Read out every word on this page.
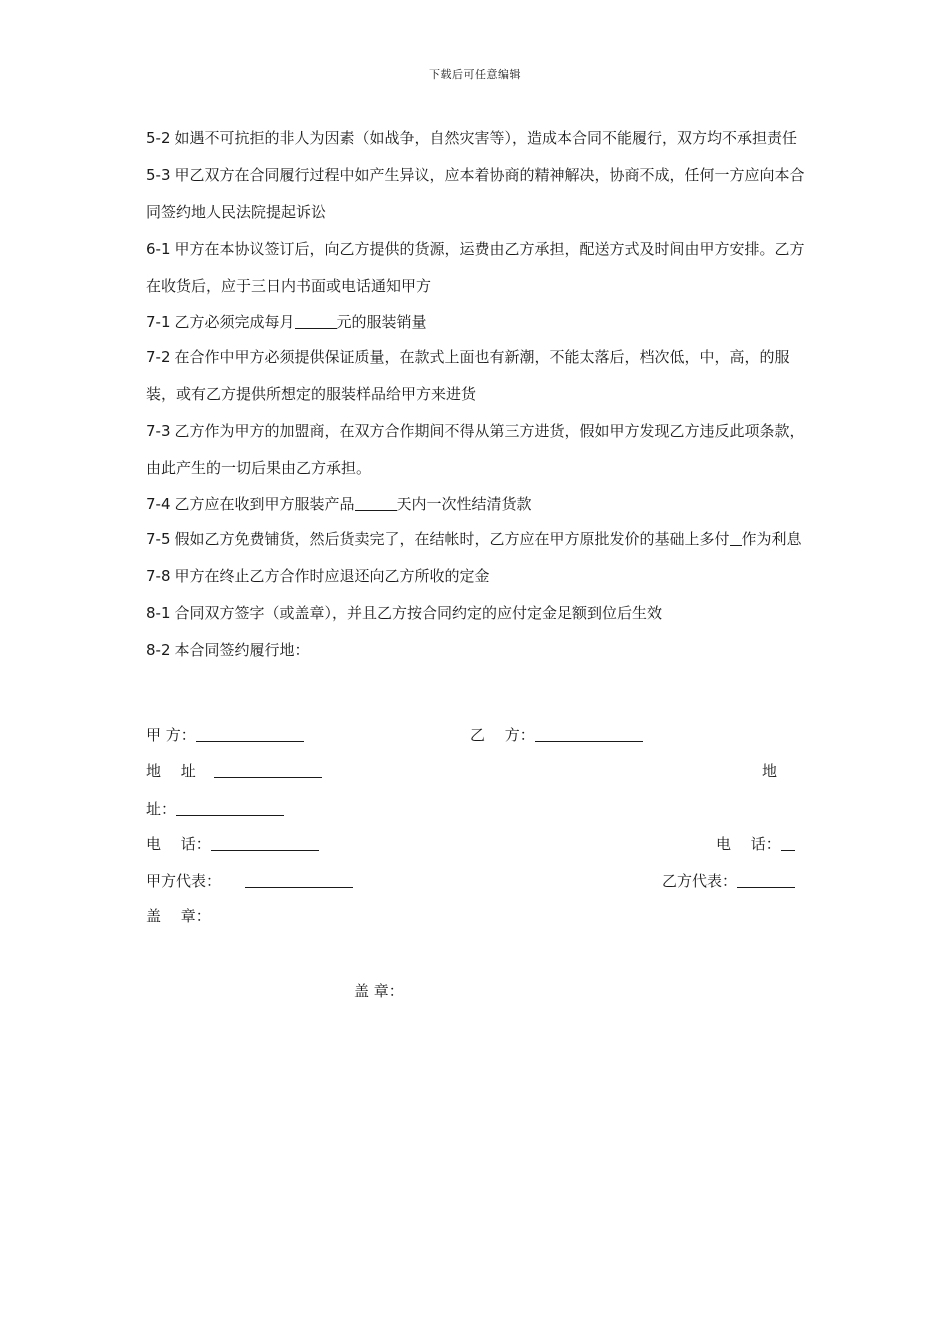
下载后可任意编辑

5-2 如遇不可抗拒的非人为因素（如战争，自然灾害等），造成本合同不能履行，双方均不承担责任

5-3 甲乙双方在合同履行过程中如产生异议，应本着协商的精神解决，协商不成，任何一方应向本合同签约地人民法院提起诉讼

6-1 甲方在本协议签订后，向乙方提供的货源，运费由乙方承担，配送方式及时间由甲方安排。乙方在收货后，应于三日内书面或电话通知甲方

7-1 乙方必须完成每月	元的服装销量

7-2 在合作中甲方必须提供保证质量，在款式上面也有新潮，不能太落后，档次低，中，高，的服装，或有乙方提供所想定的服装样品给甲方来进货

7-3 乙方作为甲方的加盟商，在双方合作期间不得从第三方进货，假如甲方发现乙方违反此项条款，由此产生的一切后果由乙方承担。

7-4 乙方应在收到甲方服装产品	天内一次性结清货款

7-5 假如乙方免费铺货，然后货卖完了，在结帐时，乙方应在甲方原批发价的基础上多付 作为利息

7-8 甲方在终止乙方合作时应退还向乙方所收的定金

8-1 合同双方签字（或盖章），并且乙方按合同约定的应付定金足额到位后生效

8-2 本合同签约履行地：

甲 方：	乙　 方：
地　 址	地
址：
电　 话：	电　 话：
甲方代表：	乙方代表：
盖　 章：
盖 章：
